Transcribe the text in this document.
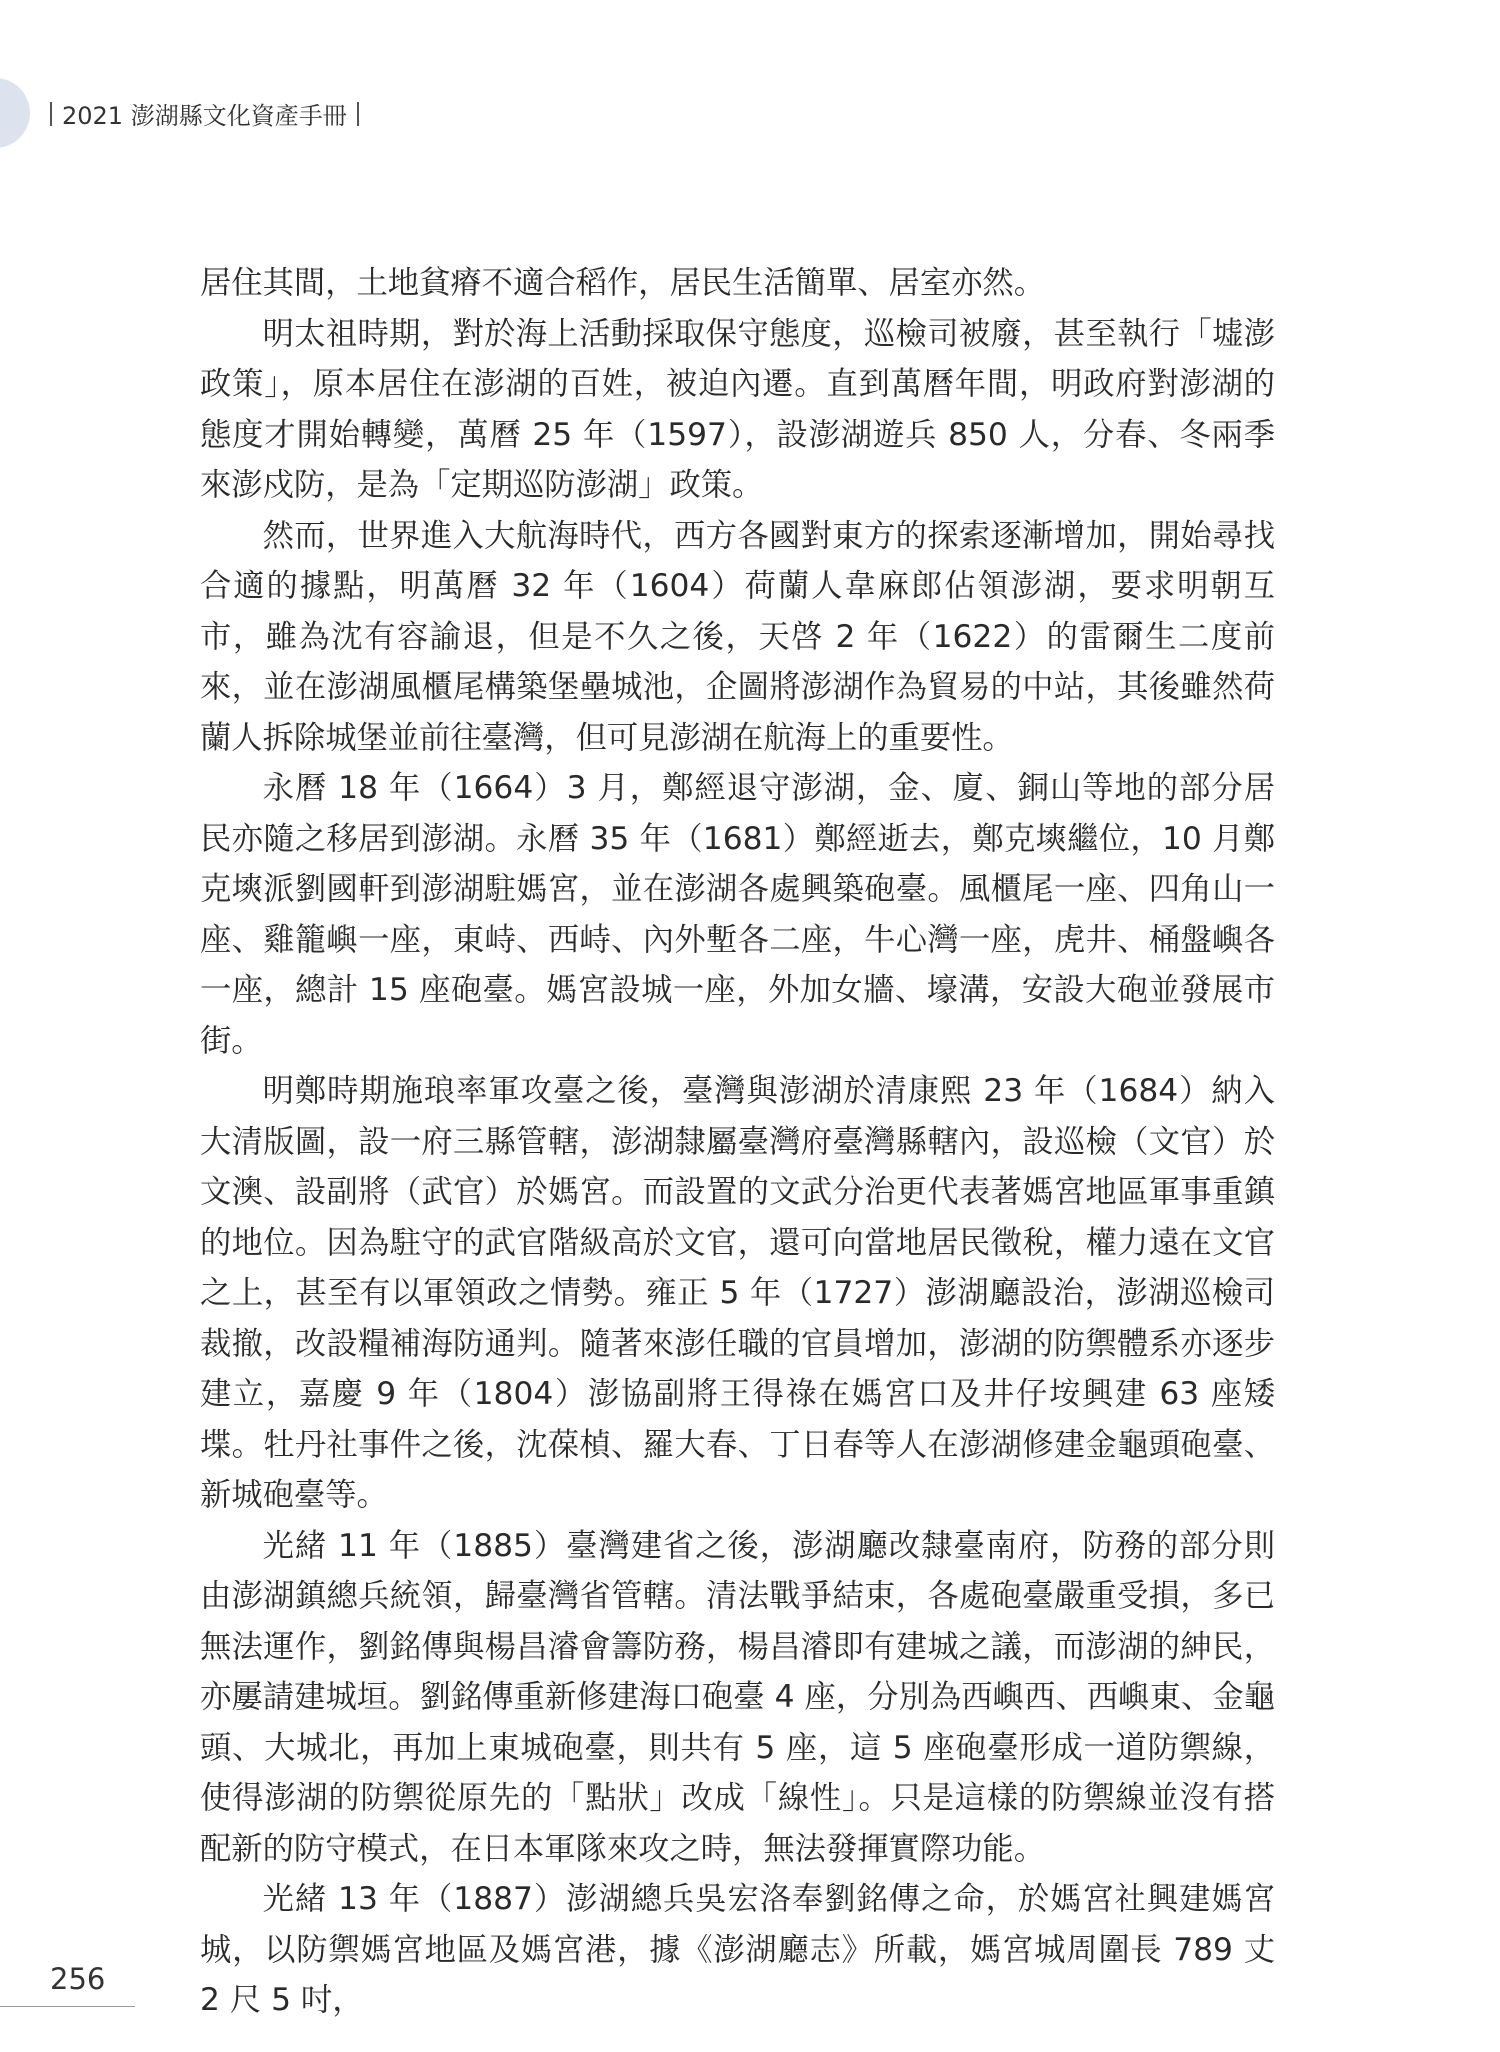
2021 澎湖縣文化資產手冊

居住其間，土地貧瘠不適合稻作，居民生活簡單、居室亦然。

明太祖時期，對於海上活動採取保守態度，巡檢司被廢，甚至執行「墟澎政策」，原本居住在澎湖的百姓，被迫內遷。直到萬曆年間，明政府對澎湖的態度才開始轉變，萬曆 25 年（1597），設澎湖遊兵 850 人，分春、冬兩季來澎戍防，是為「定期巡防澎湖」政策。

然而，世界進入大航海時代，西方各國對東方的探索逐漸增加，開始尋找合適的據點，明萬曆 32 年（1604）荷蘭人韋麻郎佔領澎湖，要求明朝互市，雖為沈有容諭退，但是不久之後，天啓 2 年（1622）的雷爾生二度前來，並在澎湖風櫃尾構築堡壘城池，企圖將澎湖作為貿易的中站，其後雖然荷蘭人拆除城堡並前往臺灣，但可見澎湖在航海上的重要性。

永曆 18 年（1664）3 月，鄭經退守澎湖，金、廈、銅山等地的部分居民亦隨之移居到澎湖。永曆 35 年（1681）鄭經逝去，鄭克塽繼位，10 月鄭克塽派劉國軒到澎湖駐媽宮，並在澎湖各處興築砲臺。風櫃尾一座、四角山一座、雞籠嶼一座，東峙、西峙、內外塹各二座，牛心灣一座，虎井、桶盤嶼各一座，總計 15 座砲臺。媽宮設城一座，外加女牆、壕溝，安設大砲並發展市街。

明鄭時期施琅率軍攻臺之後，臺灣與澎湖於清康熙 23 年（1684）納入大清版圖，設一府三縣管轄，澎湖隸屬臺灣府臺灣縣轄內，設巡檢（文官）於文澳、設副將（武官）於媽宮。而設置的文武分治更代表著媽宮地區軍事重鎮的地位。因為駐守的武官階級高於文官，還可向當地居民徵稅，權力遠在文官之上，甚至有以軍領政之情勢。雍正 5 年（1727）澎湖廳設治，澎湖巡檢司裁撤，改設糧補海防通判。隨著來澎任職的官員增加，澎湖的防禦體系亦逐步建立，嘉慶 9 年（1804）澎協副將王得祿在媽宮口及井仔垵興建 63 座矮堞。牡丹社事件之後，沈葆楨、羅大春、丁日春等人在澎湖修建金龜頭砲臺、新城砲臺等。

光緒 11 年（1885）臺灣建省之後，澎湖廳改隸臺南府，防務的部分則由澎湖鎮總兵統領，歸臺灣省管轄。清法戰爭結束，各處砲臺嚴重受損，多已無法運作，劉銘傳與楊昌濬會籌防務，楊昌濬即有建城之議，而澎湖的紳民，亦屢請建城垣。劉銘傳重新修建海口砲臺 4 座，分別為西嶼西、西嶼東、金龜頭、大城北，再加上東城砲臺，則共有 5 座，這 5 座砲臺形成一道防禦線，使得澎湖的防禦從原先的「點狀」改成「線性」。只是這樣的防禦線並沒有搭配新的防守模式，在日本軍隊來攻之時，無法發揮實際功能。

光緒 13 年（1887）澎湖總兵吳宏洛奉劉銘傳之命，於媽宮社興建媽宮城，以防禦媽宮地區及媽宮港，據《澎湖廳志》所載，媽宮城周圍長 789 丈 2 尺 5 吋，

256
